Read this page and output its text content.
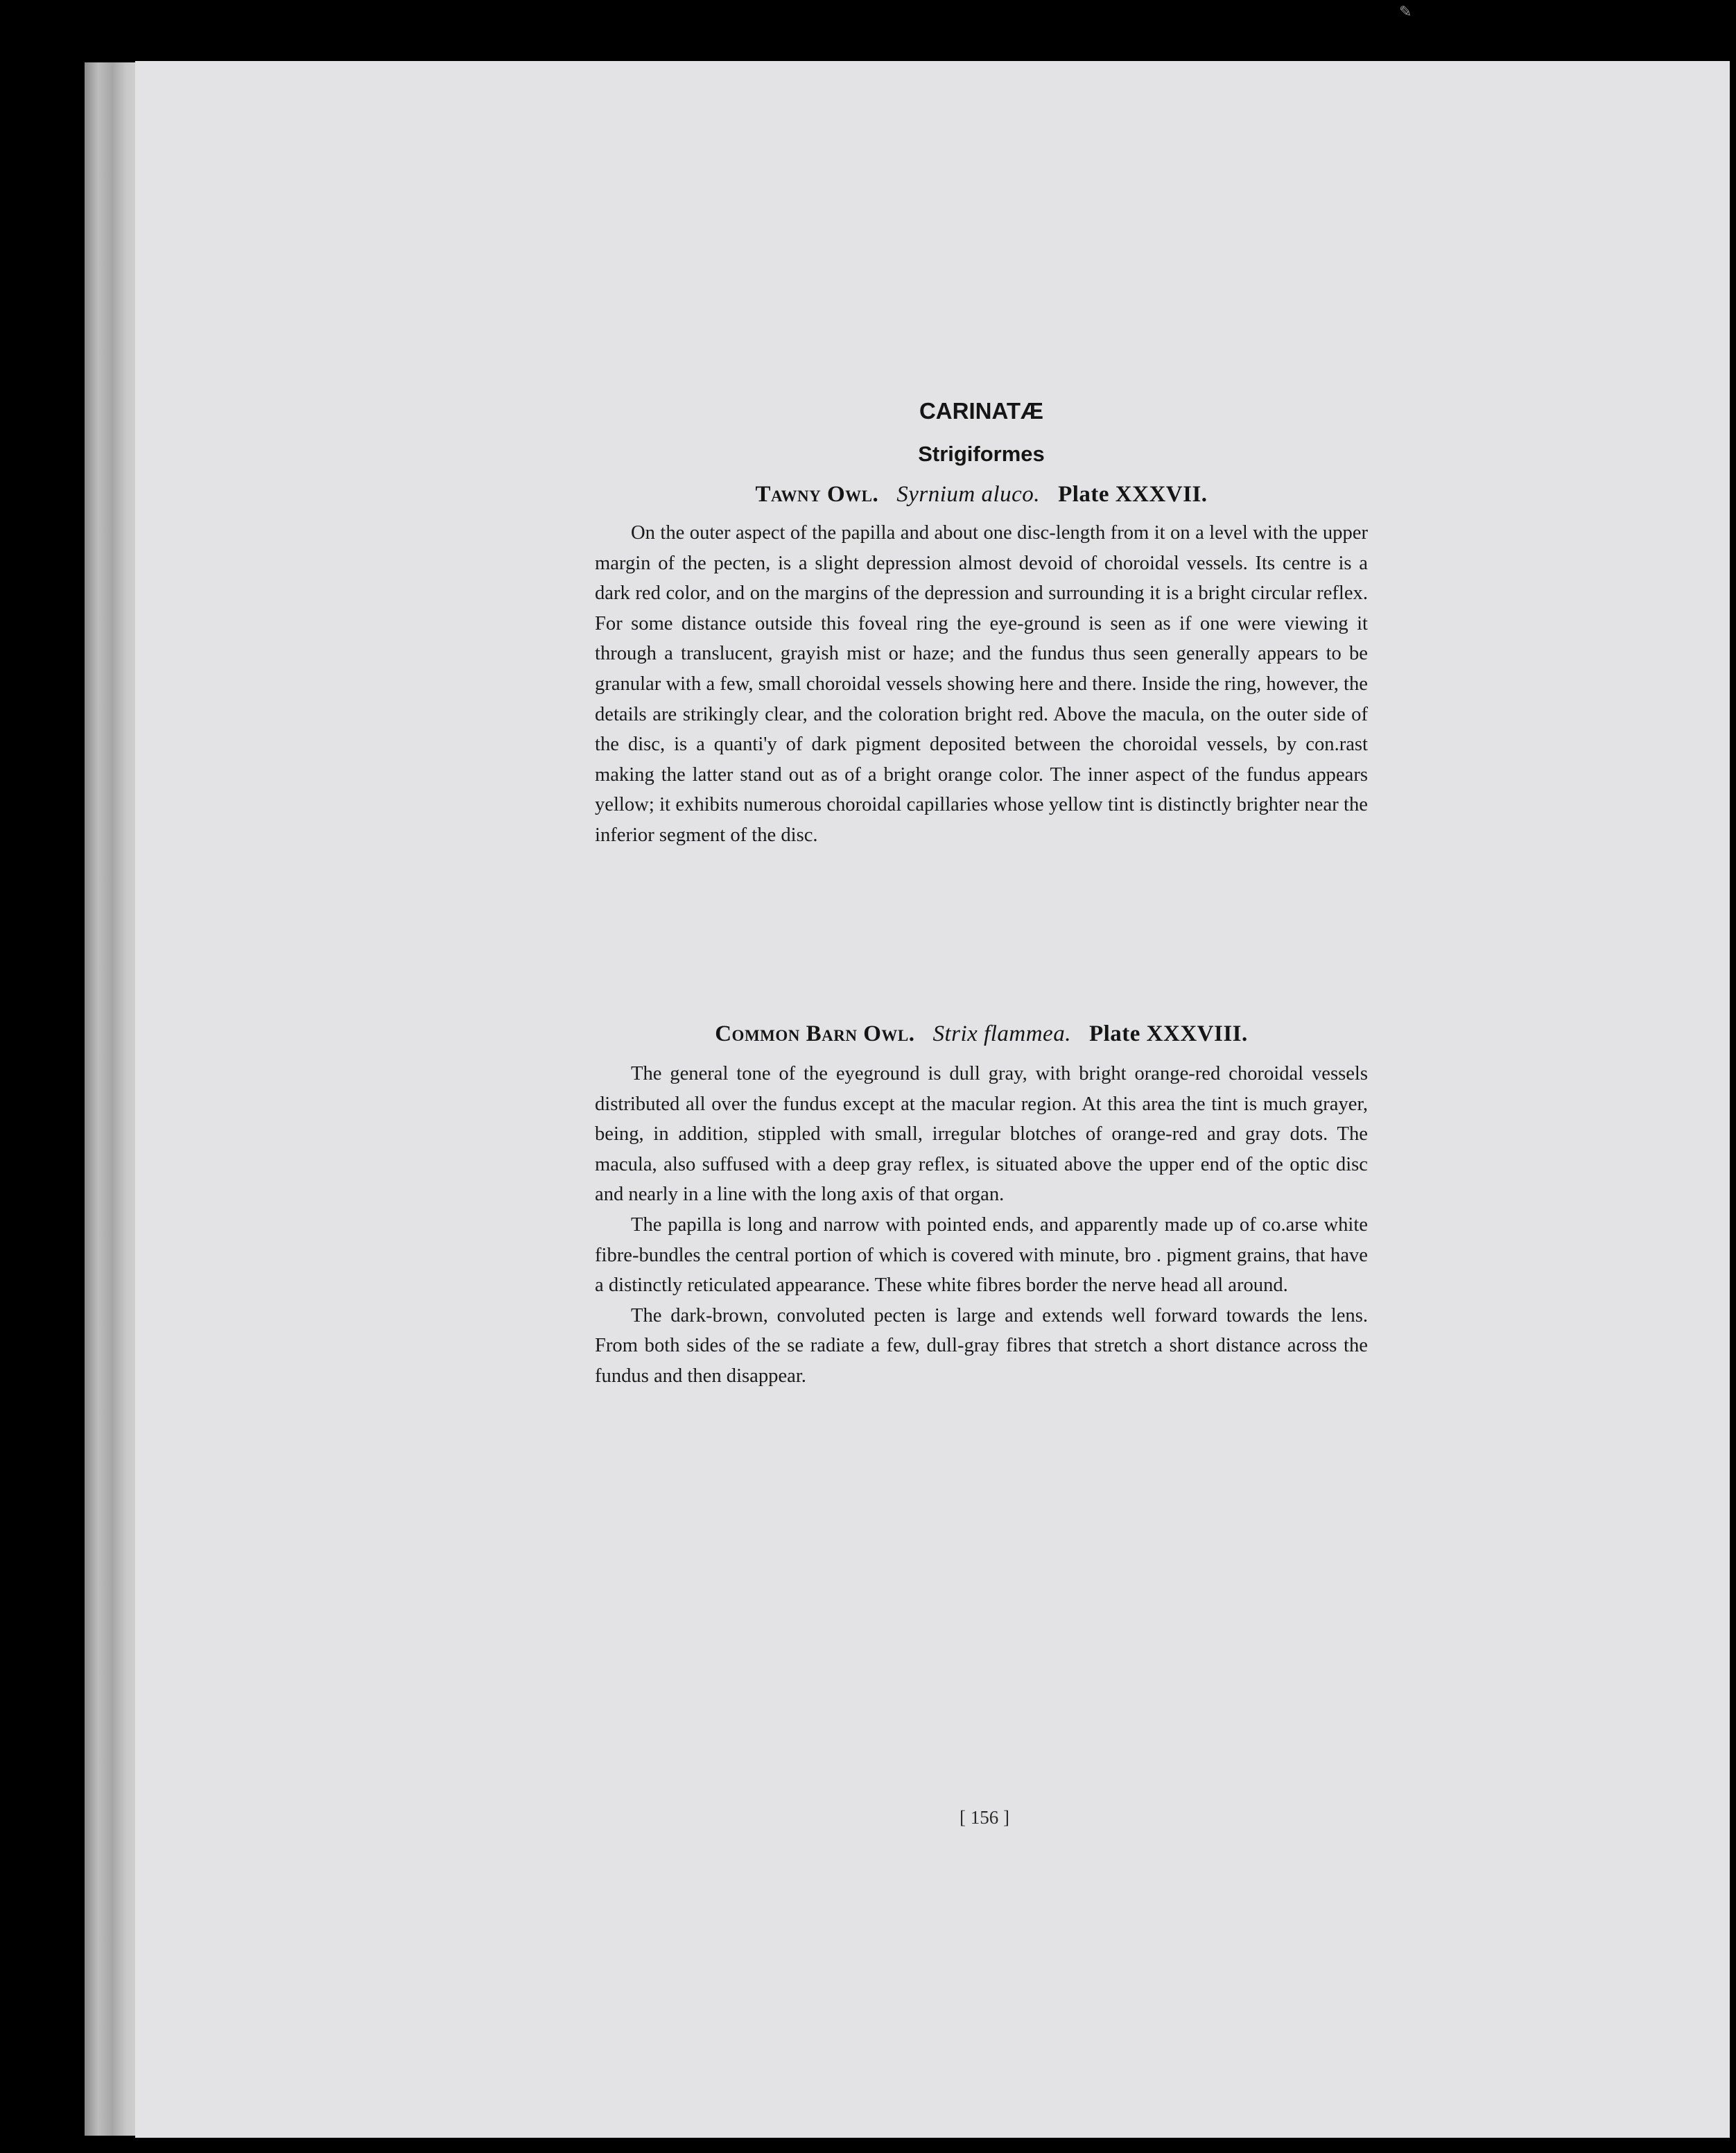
✎
CARINATÆ
Strigiformes
Tawny Owl. Syrnium aluco. Plate XXXVII.

On the outer aspect of the papilla and about one disc-length from it on a level with the upper margin of the pecten, is a slight depression almost devoid of choroidal vessels. Its centre is a dark red color, and on the margins of the depression and surrounding it is a bright circular reflex. For some distance outside this foveal ring the eye-ground is seen as if one were viewing it through a translucent, grayish mist or haze; and the fundus thus seen generally appears to be granular with a few, small choroidal vessels showing here and there. Inside the ring, however, the details are strikingly clear, and the coloration bright red. Above the macula, on the outer side of the disc, is a quanti'y of dark pigment deposited between the choroidal vessels, by con.rast making the latter stand out as of a bright orange color. The inner aspect of the fundus appears yellow; it exhibits numerous choroidal capillaries whose yellow tint is distinctly brighter near the inferior segment of the disc.

Common Barn Owl. Strix flammea. Plate XXXVIII.

The general tone of the eyeground is dull gray, with bright orange-red choroidal vessels distributed all over the fundus except at the macular region. At this area the tint is much grayer, being, in addition, stippled with small, irregular blotches of orange-red and gray dots. The macula, also suffused with a deep gray reflex, is situated above the upper end of the optic disc and nearly in a line with the long axis of that organ.

The papilla is long and narrow with pointed ends, and apparently made up of co.arse white fibre-bundles the central portion of which is covered with minute, bro . pigment grains, that have a distinctly reticulated appearance. These white fibres border the nerve head all around.

The dark-brown, convoluted pecten is large and extends well forward towards the lens. From both sides of the se radiate a few, dull-gray fibres that stretch a short distance across the fundus and then disappear.

[ 156 ]
